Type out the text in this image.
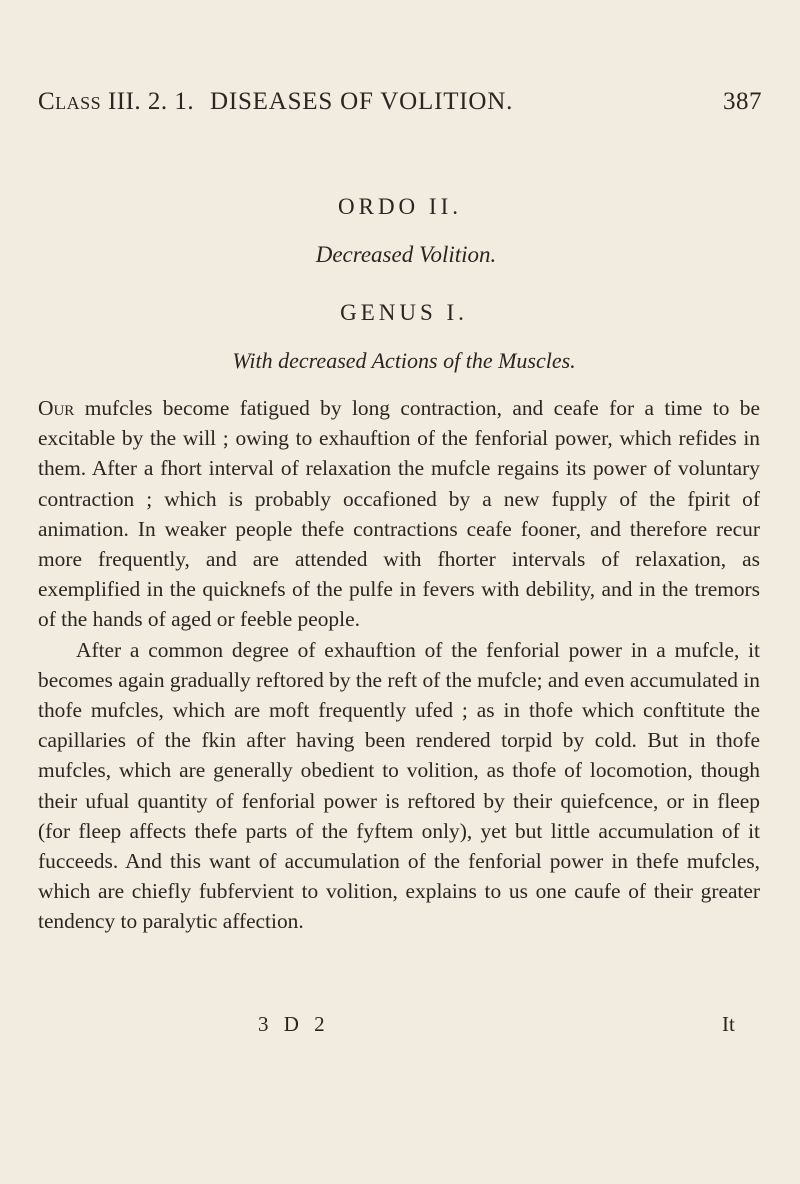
Class III. 2. 1. DISEASES OF VOLITION.	387
ORDO II.
Decreased Volition.
GENUS I.
With decreased Actions of the Muscles.

Our mufcles become fatigued by long contraction, and ceafe for a time to be excitable by the will ; owing to exhauftion of the fenforial power, which refides in them. After a fhort interval of relaxation the mufcle regains its power of voluntary contraction ; which is probably occafioned by a new fupply of the fpirit of animation. In weaker people thefe contractions ceafe fooner, and therefore recur more frequently, and are attended with fhorter intervals of relaxation, as exemplified in the quicknefs of the pulfe in fevers with debility, and in the tremors of the hands of aged or feeble people.

After a common degree of exhauftion of the fenforial power in a mufcle, it becomes again gradually reftored by the reft of the mufcle; and even accumulated in thofe mufcles, which are moft frequently ufed ; as in thofe which conftitute the capillaries of the fkin after having been rendered torpid by cold. But in thofe mufcles, which are generally obedient to volition, as thofe of locomotion, though their ufual quantity of fenforial power is reftored by their quiefcence, or in fleep (for fleep affects thefe parts of the fyftem only), yet but little accumulation of it fucceeds. And this want of accumulation of the fenforial power in thefe mufcles, which are chiefly fubfervient to volition, explains to us one caufe of their greater tendency to paralytic affection.

3 D 2	It
